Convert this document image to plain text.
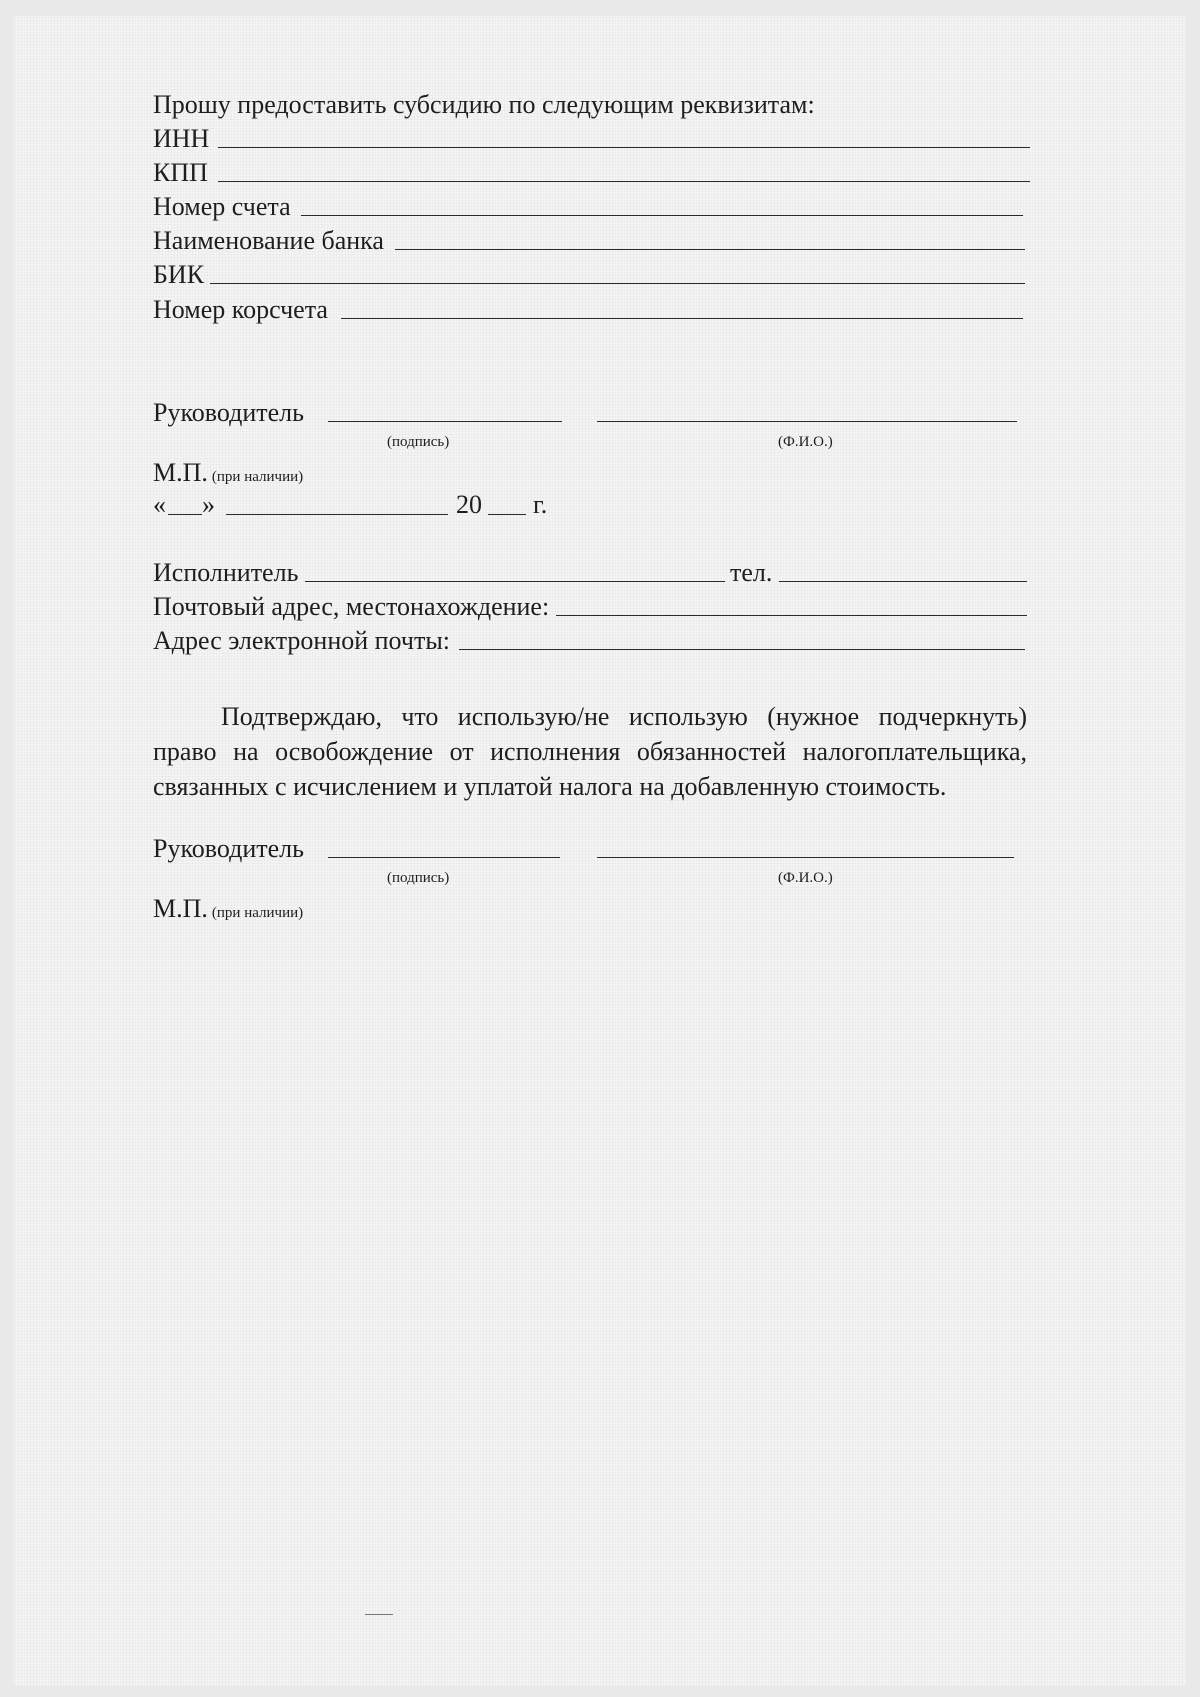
Прошу предоставить субсидию по следующим реквизитам:
ИНН
КПП
Номер счета
Наименование банка
БИК
Номер корсчета
Руководитель
(подпись)	(Ф.И.О.)
М.П. (при наличии)
« »	20 г.
Исполнитель	тел.
Почтовый адрес, местонахождение:
Адрес электронной почты:
Подтверждаю, что использую/не использую (нужное подчеркнуть) право на освобождение от исполнения обязанностей налогоплательщика, связанных с исчислением и уплатой налога на добавленную стоимость.
Руководитель
(подпись)	(Ф.И.О.)
М.П. (при наличии)
